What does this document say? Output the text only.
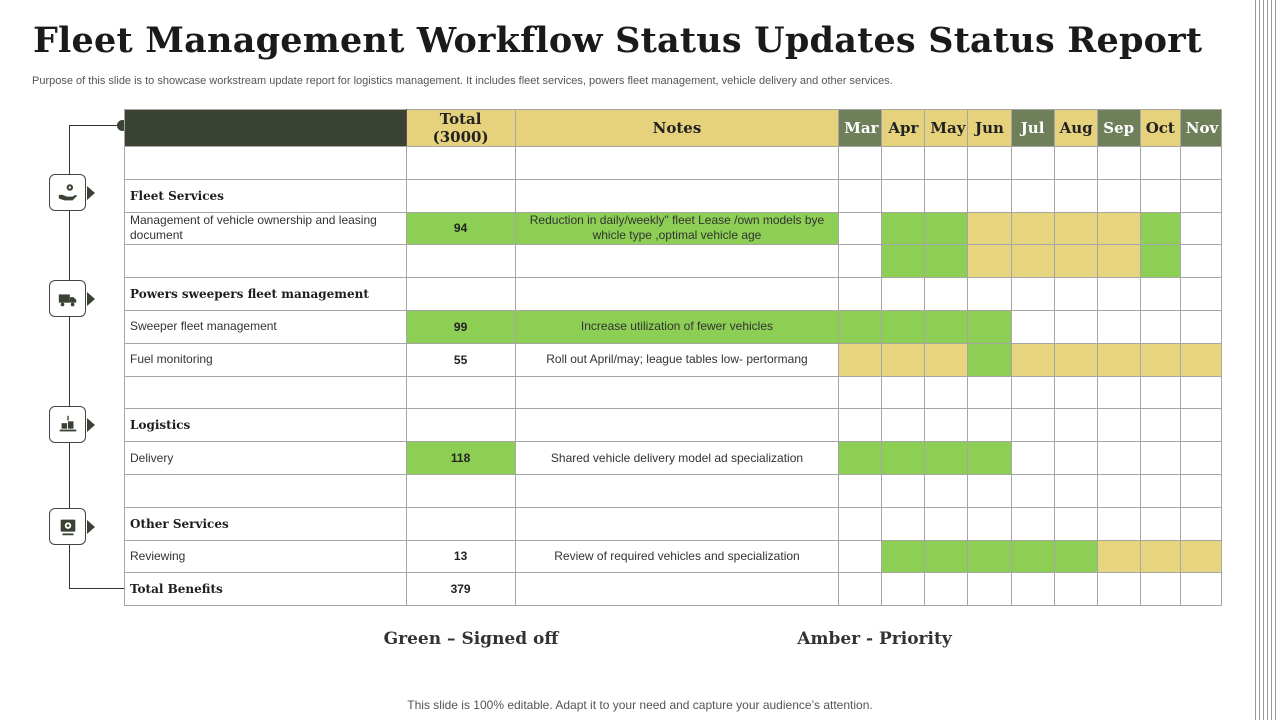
Fleet Management Workflow Status Updates Status Report

Purpose of this slide is to showcase workstream update report for logistics management. It includes fleet services, powers fleet management, vehicle delivery and other services.

	Total (3000)	Notes	Mar	Apr	May	Jun	Jul	Aug	Sep	Oct	Nov

Fleet Services											
Management of vehicle ownership and leasing document	94	Reduction in daily/weekly" fleet Lease /own models bye whicle type ,optimal vehicle age									

Powers sweepers fleet management											
Sweeper fleet management	99	Increase utilization of fewer vehicles									
Fuel monitoring	55	Roll out April/may; league tables low- pertormang									

Logistics											
Delivery	118	Shared vehicle delivery model ad specialization									

Other Services											
Reviewing	13	Review of required vehicles and specialization									
Total Benefits	379										
Green – Signed off	Amber - Priority
This slide is 100% editable. Adapt it to your need and capture your audience’s attention.
